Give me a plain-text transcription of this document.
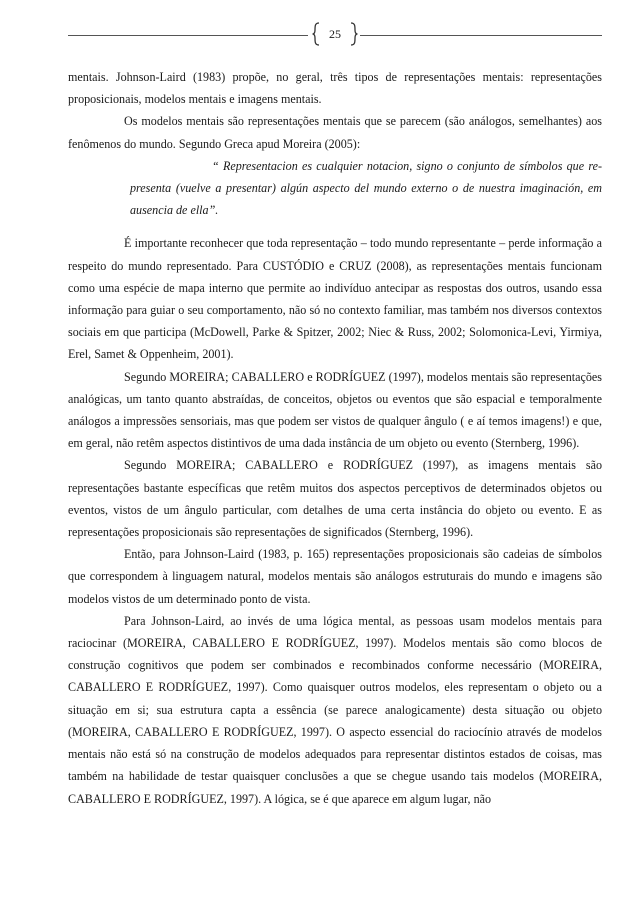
25

mentais. Johnson-Laird (1983) propõe, no geral, três tipos de representações mentais: representações proposicionais, modelos mentais e imagens mentais.

Os modelos mentais são representações mentais que se parecem (são análogos, semelhantes) aos fenômenos do mundo. Segundo Greca apud Moreira (2005):

“ Representacion es cualquier notacion, signo o conjunto de símbolos que re-presenta (vuelve a presentar) algún aspecto del mundo externo o de nuestra imaginación, em ausencia de ella”.

É importante reconhecer que toda representação – todo mundo representante – perde informação a respeito do mundo representado. Para CUSTÓDIO e CRUZ (2008), as representações mentais funcionam como uma espécie de mapa interno que permite ao indivíduo antecipar as respostas dos outros, usando essa informação para guiar o seu comportamento, não só no contexto familiar, mas também nos diversos contextos sociais em que participa (McDowell, Parke & Spitzer, 2002; Niec & Russ, 2002; Solomonica-Levi, Yirmiya, Erel, Samet & Oppenheim, 2001).

Segundo MOREIRA; CABALLERO e RODRÍGUEZ (1997), modelos mentais são representações analógicas, um tanto quanto abstraídas, de conceitos, objetos ou eventos que são espacial e temporalmente análogos a impressões sensoriais, mas que podem ser vistos de qualquer ângulo ( e aí temos imagens!) e que, em geral, não retêm aspectos distintivos de uma dada instância de um objeto ou evento (Sternberg, 1996).

Segundo MOREIRA; CABALLERO e RODRÍGUEZ (1997), as imagens mentais são representações bastante específicas que retêm muitos dos aspectos perceptivos de determinados objetos ou eventos, vistos de um ângulo particular, com detalhes de uma certa instância do objeto ou evento. E as representações proposicionais são representações de significados (Sternberg, 1996).

Então, para Johnson-Laird (1983, p. 165) representações proposicionais são cadeias de símbolos que correspondem à linguagem natural, modelos mentais são análogos estruturais do mundo e imagens são modelos vistos de um determinado ponto de vista.

Para Johnson-Laird, ao invés de uma lógica mental, as pessoas usam modelos mentais para raciocinar (MOREIRA, CABALLERO E RODRÍGUEZ, 1997). Modelos mentais são como blocos de construção cognitivos que podem ser combinados e recombinados conforme necessário (MOREIRA, CABALLERO E RODRÍGUEZ, 1997). Como quaisquer outros modelos, eles representam o objeto ou a situação em si; sua estrutura capta a essência (se parece analogicamente) desta situação ou objeto (MOREIRA, CABALLERO E RODRÍGUEZ, 1997). O aspecto essencial do raciocínio através de modelos mentais não está só na construção de modelos adequados para representar distintos estados de coisas, mas também na habilidade de testar quaisquer conclusões a que se chegue usando tais modelos (MOREIRA, CABALLERO E RODRÍGUEZ, 1997). A lógica, se é que aparece em algum lugar, não
